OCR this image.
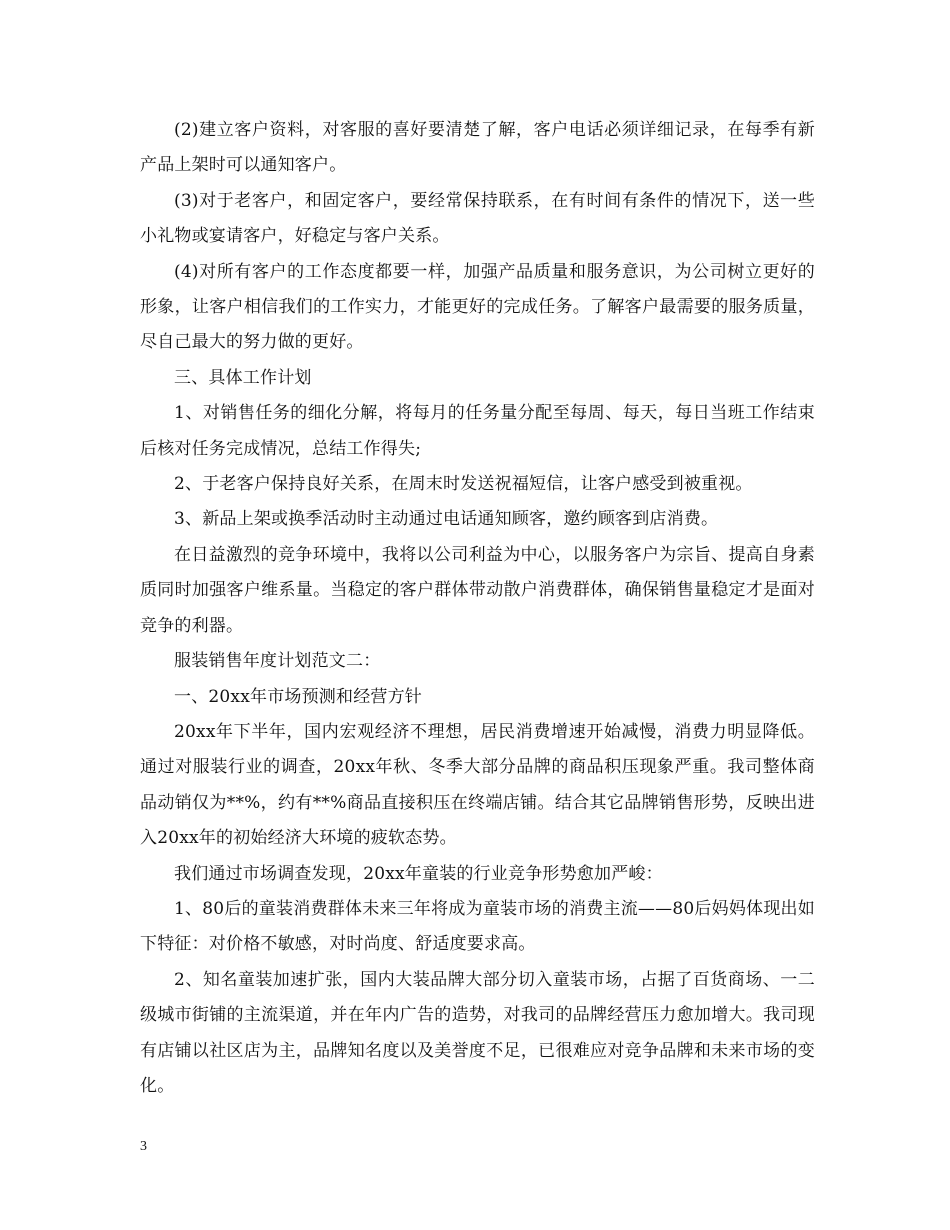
(2)建立客户资料，对客服的喜好要清楚了解，客户电话必须详细记录，在每季有新产品上架时可以通知客户。

(3)对于老客户，和固定客户，要经常保持联系，在有时间有条件的情况下，送一些小礼物或宴请客户，好稳定与客户关系。

(4)对所有客户的工作态度都要一样，加强产品质量和服务意识，为公司树立更好的形象，让客户相信我们的工作实力，才能更好的完成任务。了解客户最需要的服务质量，尽自己最大的努力做的更好。

三、具体工作计划

1、对销售任务的细化分解，将每月的任务量分配至每周、每天，每日当班工作结束后核对任务完成情况，总结工作得失;

2、于老客户保持良好关系，在周末时发送祝福短信，让客户感受到被重视。

3、新品上架或换季活动时主动通过电话通知顾客，邀约顾客到店消费。

在日益激烈的竞争环境中，我将以公司利益为中心，以服务客户为宗旨、提高自身素质同时加强客户维系量。当稳定的客户群体带动散户消费群体，确保销售量稳定才是面对竞争的利器。

服装销售年度计划范文二：

一、20xx年市场预测和经营方针

20xx年下半年，国内宏观经济不理想，居民消费增速开始减慢，消费力明显降低。通过对服装行业的调查，20xx年秋、冬季大部分品牌的商品积压现象严重。我司整体商品动销仅为**%，约有**%商品直接积压在终端店铺。结合其它品牌销售形势，反映出进入20xx年的初始经济大环境的疲软态势。

我们通过市场调查发现，20xx年童装的行业竞争形势愈加严峻：

1、80后的童装消费群体未来三年将成为童装市场的消费主流——80后妈妈体现出如下特征：对价格不敏感，对时尚度、舒适度要求高。

2、知名童装加速扩张，国内大装品牌大部分切入童装市场，占据了百货商场、一二级城市街铺的主流渠道，并在年内广告的造势，对我司的品牌经营压力愈加增大。我司现有店铺以社区店为主，品牌知名度以及美誉度不足，已很难应对竞争品牌和未来市场的变化。

3
